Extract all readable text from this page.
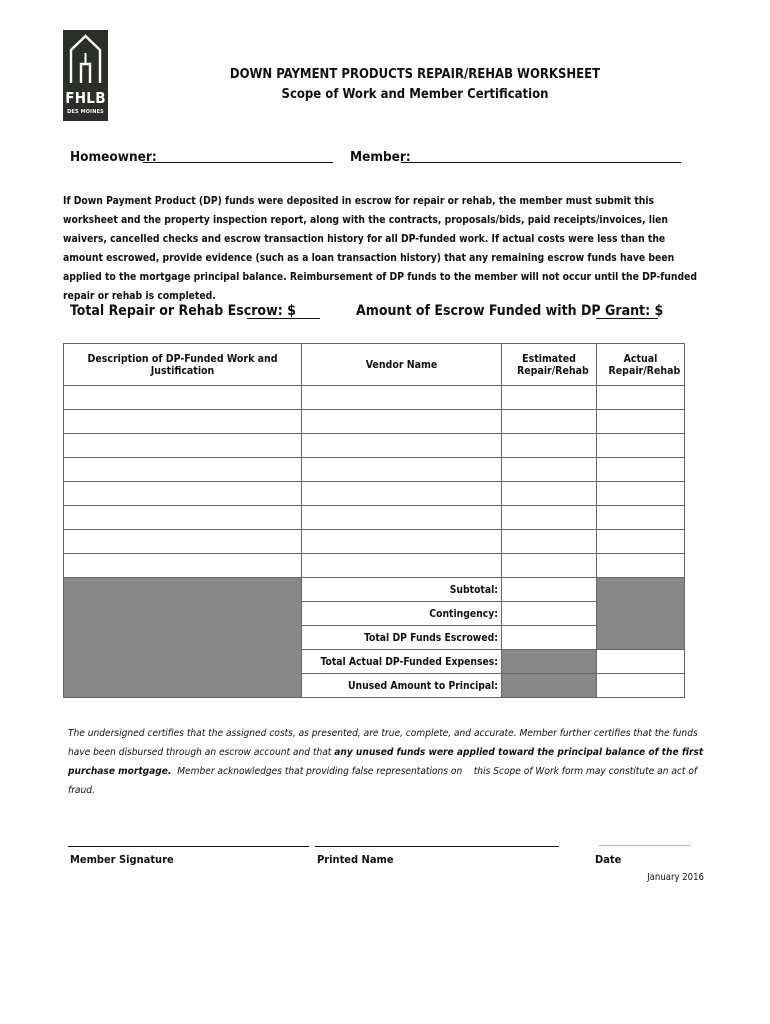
FHLB
DES MOINES
DOWN PAYMENT PRODUCTS REPAIR/REHAB WORKSHEET
Scope of Work and Member Certification
Homeowner:	Member:
If Down Payment Product (DP) funds were deposited in escrow for repair or rehab, the member must submit this worksheet and the property inspection report, along with the contracts, proposals/bids, paid receipts/invoices, lien waivers, cancelled checks and escrow transaction history for all DP-funded work. If actual costs were less than the amount escrowed, provide evidence (such as a loan transaction history) that any remaining escrow funds have been applied to the mortgage principal balance. Reimbursement of DP funds to the member will not occur until the DP-funded repair or rehab is completed.
Total Repair or Rehab Escrow: $	Amount of Escrow Funded with DP Grant: $
Description of DP-Funded Work and Justification	Vendor Name	Estimated Repair/Rehab	Actual Repair/Rehab

	Subtotal:		
	Contingency:		
	Total DP Funds Escrowed:		
	Total Actual DP-Funded Expenses:		
	Unused Amount to Principal:		
The undersigned certifies that the assigned costs, as presented, are true, complete, and accurate. Member further certifies that the funds have been disbursed through an escrow account and that any unused funds were applied toward the principal balance of the first purchase mortgage.  Member acknowledges that providing false representations on    this Scope of Work form may constitute an act of fraud.
Member Signature	Printed Name	Date
January 2016
